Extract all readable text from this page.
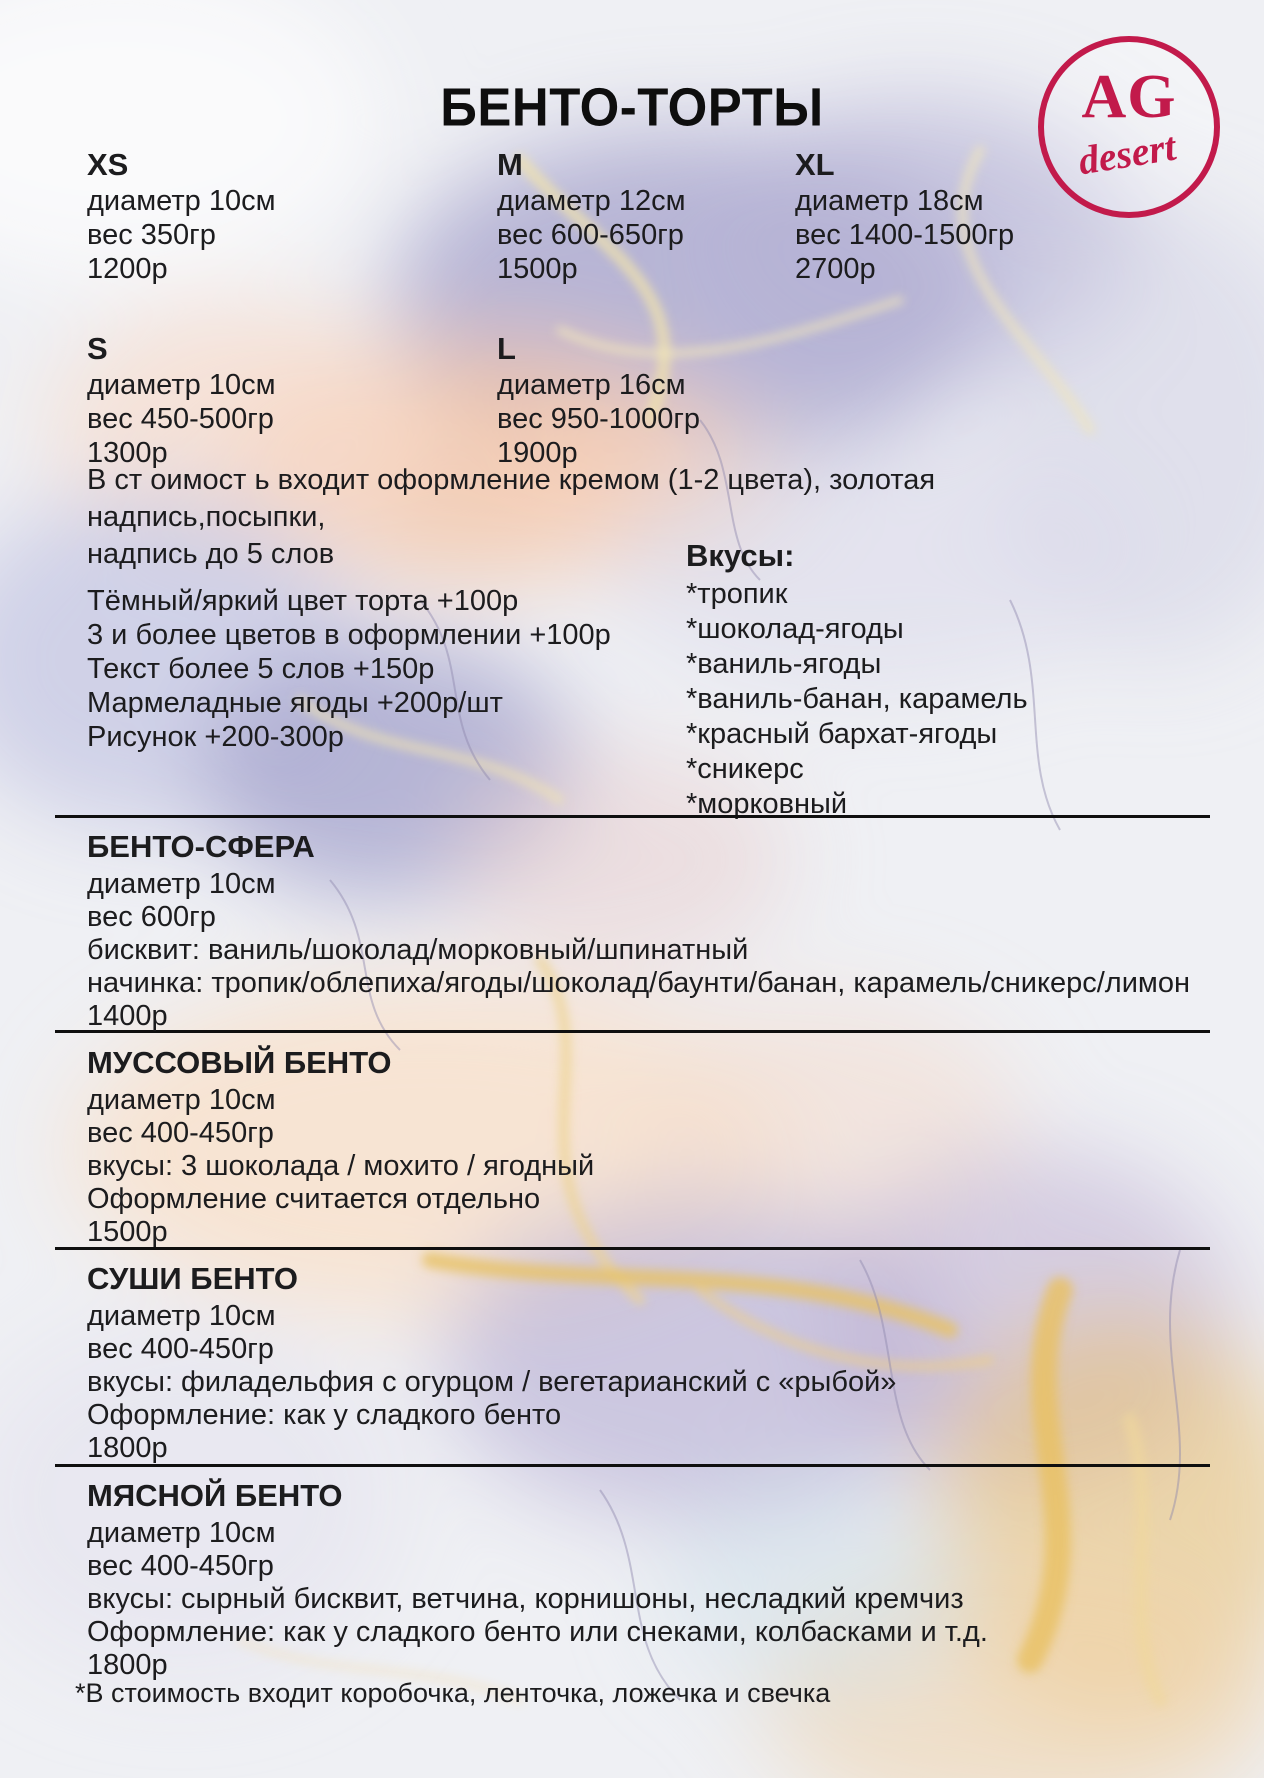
БЕНТО-ТОРТЫ	AG
desert
XS
диаметр 10см
вес 350гр
1200р
M
диаметр 12см
вес 600-650гр
1500р
XL
диаметр 18см
вес 1400-1500гр
2700р
S
диаметр 10см
вес 450-500гр
1300р
L
диаметр 16см
вес 950-1000гр
1900р
В ст оимост ь входит оформление кремом (1-2 цвета), золотая надпись,посыпки,
надпись до 5 слов
Тёмный/яркий цвет торта +100р
3 и более цветов в оформлении +100р
Текст более 5 слов +150р
Мармеладные ягоды +200р/шт
Рисунок +200-300р
Вкусы:
*тропик
*шоколад-ягоды
*ваниль-ягоды
*ваниль-банан, карамель
*красный бархат-ягоды
*сникерс
*морковный
БЕНТО-СФЕРА
диаметр 10см
вес 600гр
бисквит: ваниль/шоколад/морковный/шпинатный
начинка: тропик/облепиха/ягоды/шоколад/баунти/банан, карамель/сникерс/лимон
1400р
МУССОВЫЙ БЕНТО
диаметр 10см
вес 400-450гр
вкусы: 3 шоколада / мохито / ягодный
Оформление считается отдельно
1500р
СУШИ БЕНТО
диаметр 10см
вес 400-450гр
вкусы: филадельфия с огурцом / вегетарианский с «рыбой»
Оформление: как у сладкого бенто
1800р
МЯСНОЙ БЕНТО
диаметр 10см
вес 400-450гр
вкусы: сырный бисквит, ветчина, корнишоны, несладкий кремчиз
Оформление: как у сладкого бенто или снеками, колбасками и т.д.
1800р
*В стоимость входит коробочка, ленточка, ложечка и свечка
